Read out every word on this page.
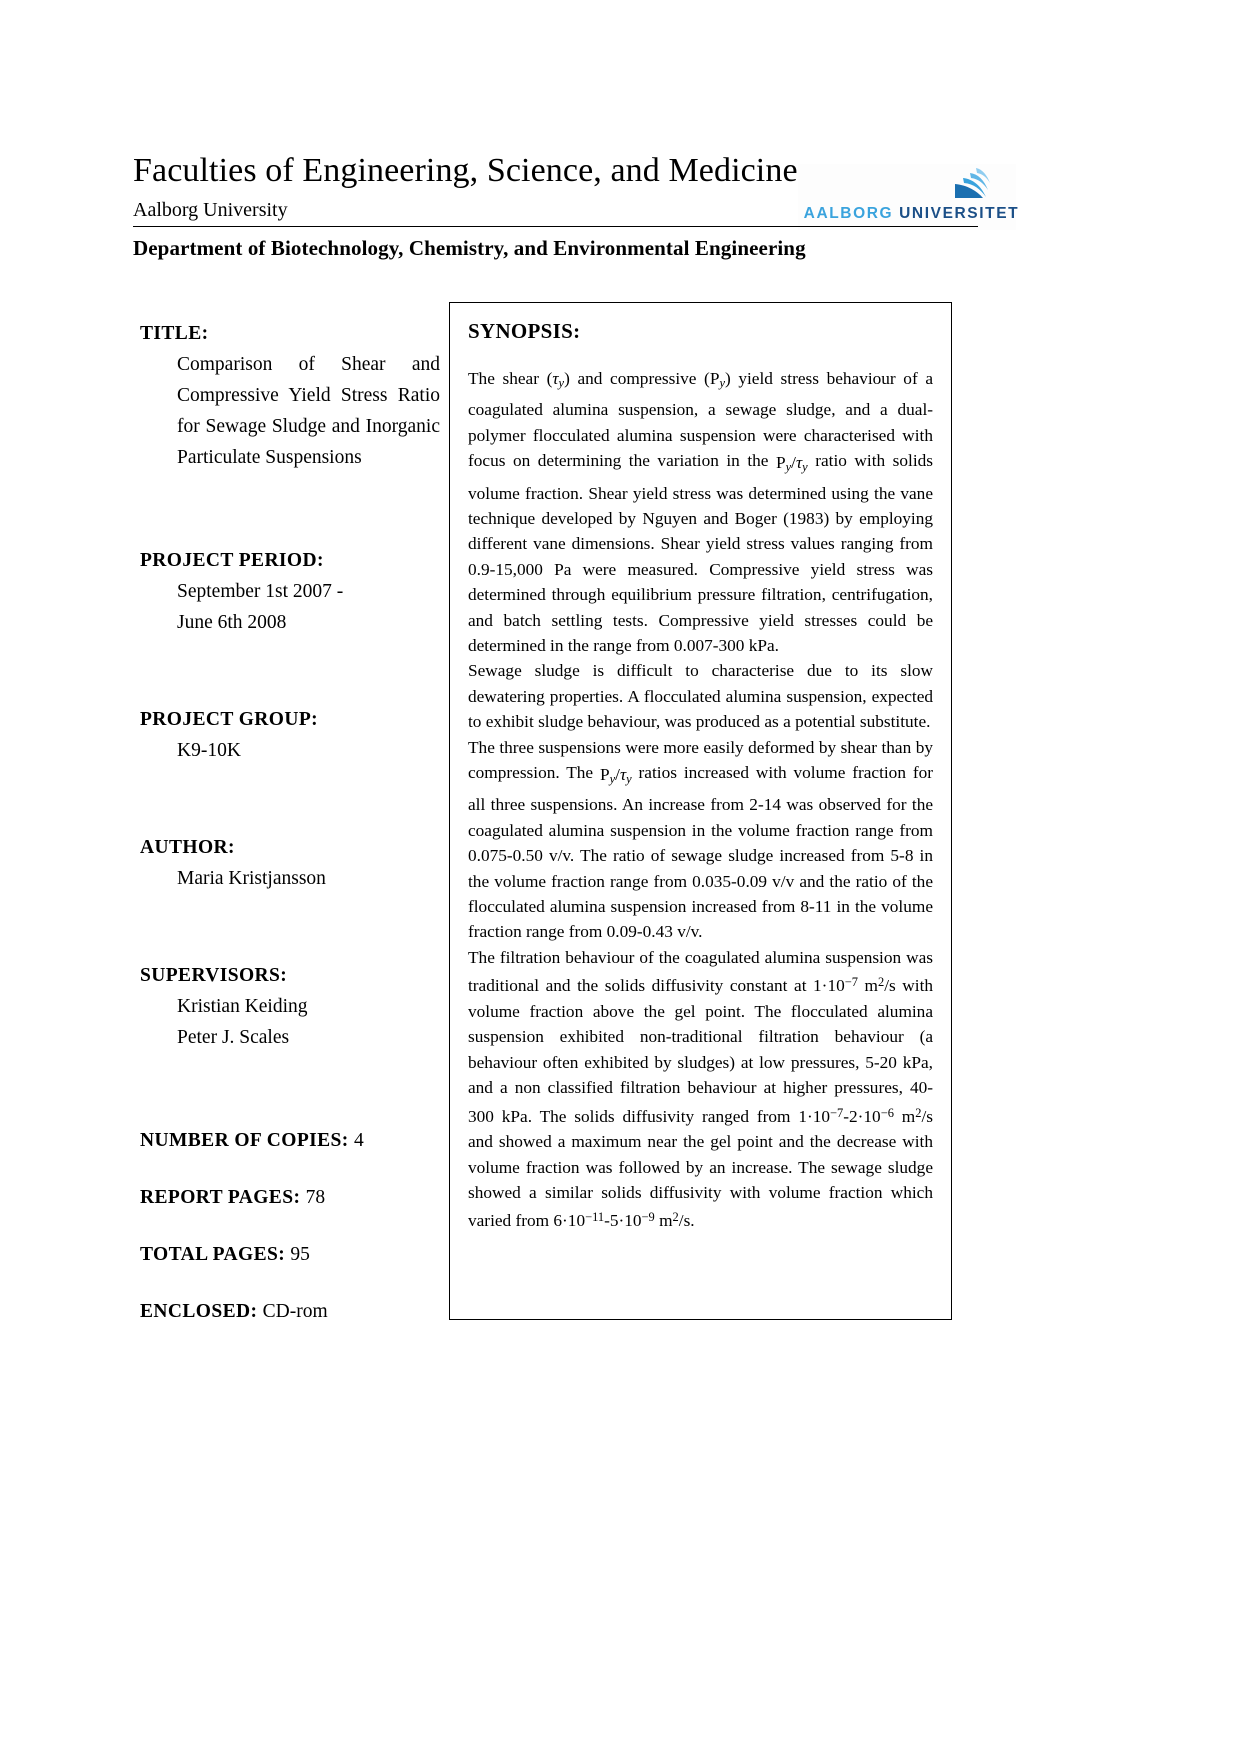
Faculties of Engineering, Science, and Medicine
Aalborg University	AALBORG UNIVERSITET
Department of Biotechnology, Chemistry, and Environmental Engineering
TITLE:
Comparison of Shear and Compressive Yield Stress Ratio for Sewage Sludge and Inorganic Particulate Suspensions
PROJECT PERIOD:
September 1st 2007 -
June 6th 2008
PROJECT GROUP:
K9-10K
AUTHOR:
Maria Kristjansson
SUPERVISORS:
Kristian Keiding
Peter J. Scales
NUMBER OF COPIES: 4
REPORT PAGES: 78
TOTAL PAGES: 95
ENCLOSED: CD-rom
SYNOPSIS:

The shear $(\tau_y)$ and compressive $(P_y)$ yield stress behaviour of a coagulated alumina suspension, a sewage sludge, and a dual-polymer flocculated alumina suspension were characterised with focus on determining the variation in the $P_y/\tau_y$ ratio with solids volume fraction. Shear yield stress was determined using the vane technique developed by Nguyen and Boger (1983) by employing different vane dimensions. Shear yield stress values ranging from 0.9-15,000 Pa were measured. Compressive yield stress was determined through equilibrium pressure filtration, centrifugation, and batch settling tests. Compressive yield stresses could be determined in the range from 0.007-300 kPa.

Sewage sludge is difficult to characterise due to its slow dewatering properties. A flocculated alumina suspension, expected to exhibit sludge behaviour, was produced as a potential substitute.

The three suspensions were more easily deformed by shear than by compression. The $P_y/\tau_y$ ratios increased with volume fraction for all three suspensions. An increase from 2-14 was observed for the coagulated alumina suspension in the volume fraction range from 0.075-0.50 v/v. The ratio of sewage sludge increased from 5-8 in the volume fraction range from 0.035-0.09 v/v and the ratio of the flocculated alumina suspension increased from 8-11 in the volume fraction range from 0.09-0.43 v/v.

The filtration behaviour of the coagulated alumina suspension was traditional and the solids diffusivity constant at $1\cdot 10^{-7}$ $m^2/s$ with volume fraction above the gel point. The flocculated alumina suspension exhibited non-traditional filtration behaviour (a behaviour often exhibited by sludges) at low pressures, 5-20 kPa, and a non classified filtration behaviour at higher pressures, 40-300 kPa. The solids diffusivity ranged from $1\cdot 10^{-7}-2\cdot 10^{-6}$ $m^2/s$ and showed a maximum near the gel point and the decrease with volume fraction was followed by an increase. The sewage sludge showed a similar solids diffusivity with volume fraction which varied from $6\cdot 10^{-11}-5\cdot 10^{-9}$ $m^2/s$.
